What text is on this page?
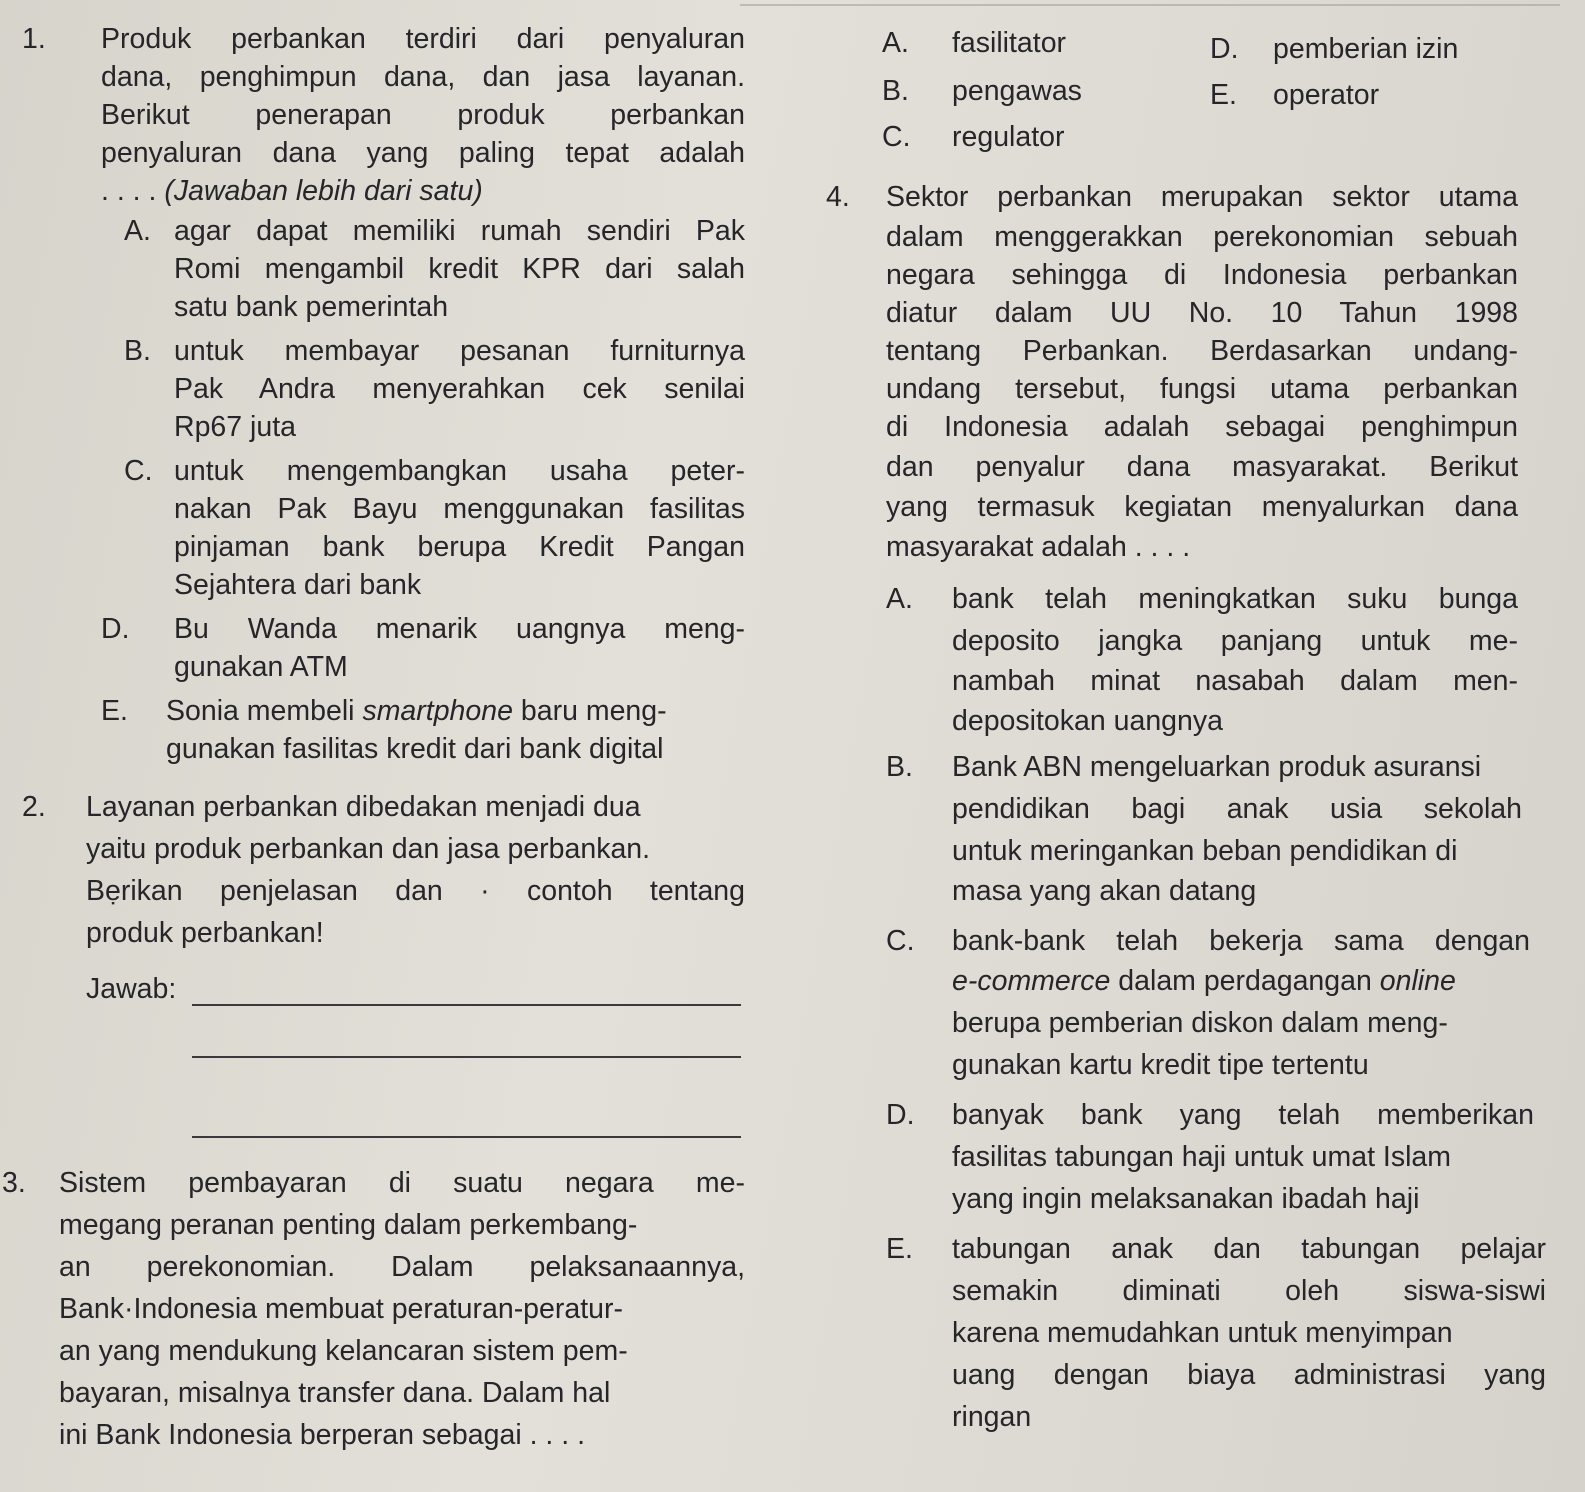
1. Produk perbankan terdiri dari penyaluran
dana, penghimpun dana, dan jasa layanan.
Berikut penerapan produk perbankan
penyaluran dana yang paling tepat adalah
. . . . (Jawaban lebih dari satu)
A. agar dapat memiliki rumah sendiri Pak
Romi mengambil kredit KPR dari salah
satu bank pemerintah
B. untuk membayar pesanan furniturnya
Pak Andra menyerahkan cek senilai
Rp67 juta
C. untuk mengembangkan usaha peter-
nakan Pak Bayu menggunakan fasilitas
pinjaman bank berupa Kredit Pangan
Sejahtera dari bank
D. Bu Wanda menarik uangnya meng-
gunakan ATM
E. Sonia membeli smartphone baru meng-
gunakan fasilitas kredit dari bank digital
2. Layanan perbankan dibedakan menjadi dua
yaitu produk perbankan dan jasa perbankan.
Bẹrikan penjelasan dan · contoh tentang
produk perbankan!
Jawab:
3. Sistem pembayaran di suatu negara me-
megang peranan penting dalam perkembang-
an perekonomian. Dalam pelaksanaannya,
Bank·Indonesia membuat peraturan-peratur-
an yang mendukung kelancaran sistem pem-
bayaran, misalnya transfer dana. Dalam hal
ini Bank Indonesia berperan sebagai . . . .
A. fasilitator
B. pengawas
C. regulator
D. pemberian izin
E. operator
4. Sektor perbankan merupakan sektor utama
dalam menggerakkan perekonomian sebuah
negara sehingga di Indonesia perbankan
diatur dalam UU No. 10 Tahun 1998
tentang Perbankan. Berdasarkan undang-
undang tersebut, fungsi utama perbankan
di Indonesia adalah sebagai penghimpun
dan penyalur dana masyarakat. Berikut
yang termasuk kegiatan menyalurkan dana
masyarakat adalah . . . .
A. bank telah meningkatkan suku bunga
deposito jangka panjang untuk me-
nambah minat nasabah dalam men-
depositokan uangnya
B. Bank ABN mengeluarkan produk asuransi
pendidikan bagi anak usia sekolah
untuk meringankan beban pendidikan di
masa yang akan datang
C. bank-bank telah bekerja sama dengan
e-commerce dalam perdagangan online
berupa pemberian diskon dalam meng-
gunakan kartu kredit tipe tertentu
D. banyak bank yang telah memberikan
fasilitas tabungan haji untuk umat Islam
yang ingin melaksanakan ibadah haji
E. tabungan anak dan tabungan pelajar
semakin diminati oleh siswa-siswi
karena memudahkan untuk menyimpan
uang dengan biaya administrasi yang
ringan
